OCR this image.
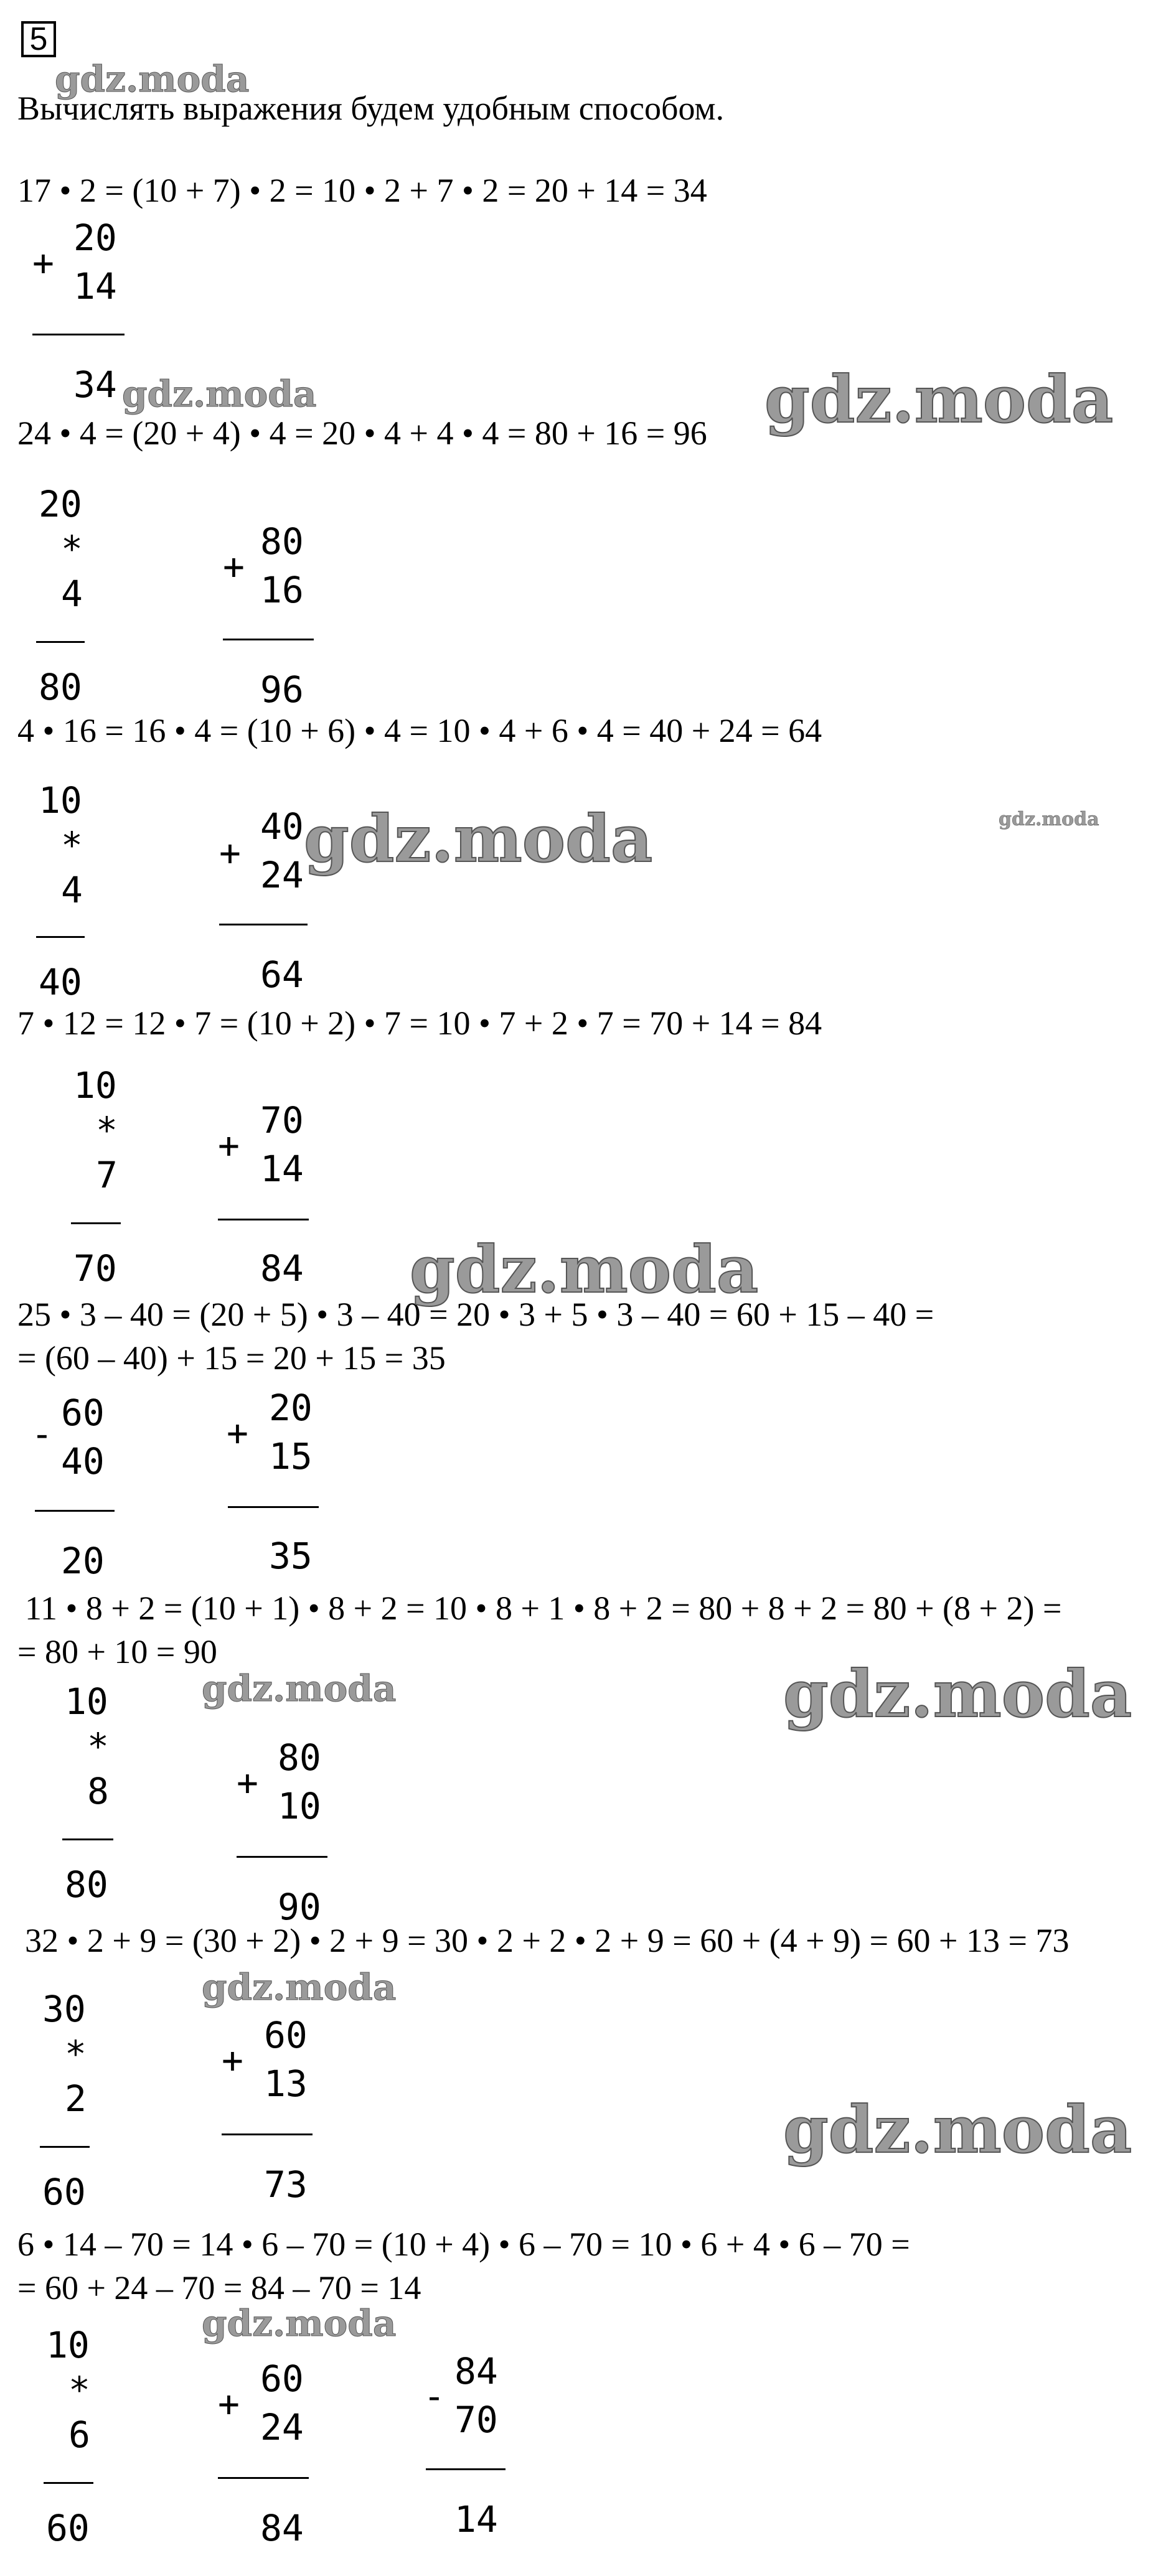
5
Вычислять выражения будем удобным способом.
17 • 2 = (10 + 7) • 2 = 10 • 2 + 7 • 2 = 20 + 14 = 34
24 • 4 = (20 + 4) • 4 = 20 • 4 + 4 • 4 = 80 + 16 = 96
4 • 16 = 16 • 4 = (10 + 6) • 4 = 10 • 4 + 6 • 4 = 40 + 24 = 64
7 • 12 = 12 • 7 = (10 + 2) • 7 = 10 • 7 + 2 • 7 = 70 + 14 = 84
25 • 3 – 40 = (20 + 5) • 3 – 40 = 20 • 3 + 5 • 3 – 40 = 60 + 15 – 40 =
= (60 – 40) + 15 = 20 + 15 = 35
11 • 8 + 2 = (10 + 1) • 8 + 2 = 10 • 8 + 1 • 8 + 2 = 80 + 8 + 2 = 80 + (8 + 2) =
= 80 + 10 = 90
32 • 2 + 9 = (30 + 2) • 2 + 9 = 30 • 2 + 2 • 2 + 9 = 60 + (4 + 9) = 60 + 13 = 73
6 • 14 – 70 = 14 • 6 – 70 = (10 + 4) • 6 – 70 = 10 • 6 + 4 • 6 – 70 =
= 60 + 24 – 70 = 84 – 70 = 14
+
20
14
34
20
*
4
80
+
80
16
96
10
*
4
40
+
40
24
64
10
*
7
70
+
70
14
84
- 60
40
20
+
20
15
35
10
*
8
80
+
80
10
90
30
*
2
60
+
60
13
73
10
*
6
60
+
60
24
84
-
84
70
14
gdz.moda
gdz.moda	gdz.moda
gdz.moda	gdz.moda
gdz.moda
gdz.moda	gdz.moda
gdz.moda
gdz.moda
gdz.moda
